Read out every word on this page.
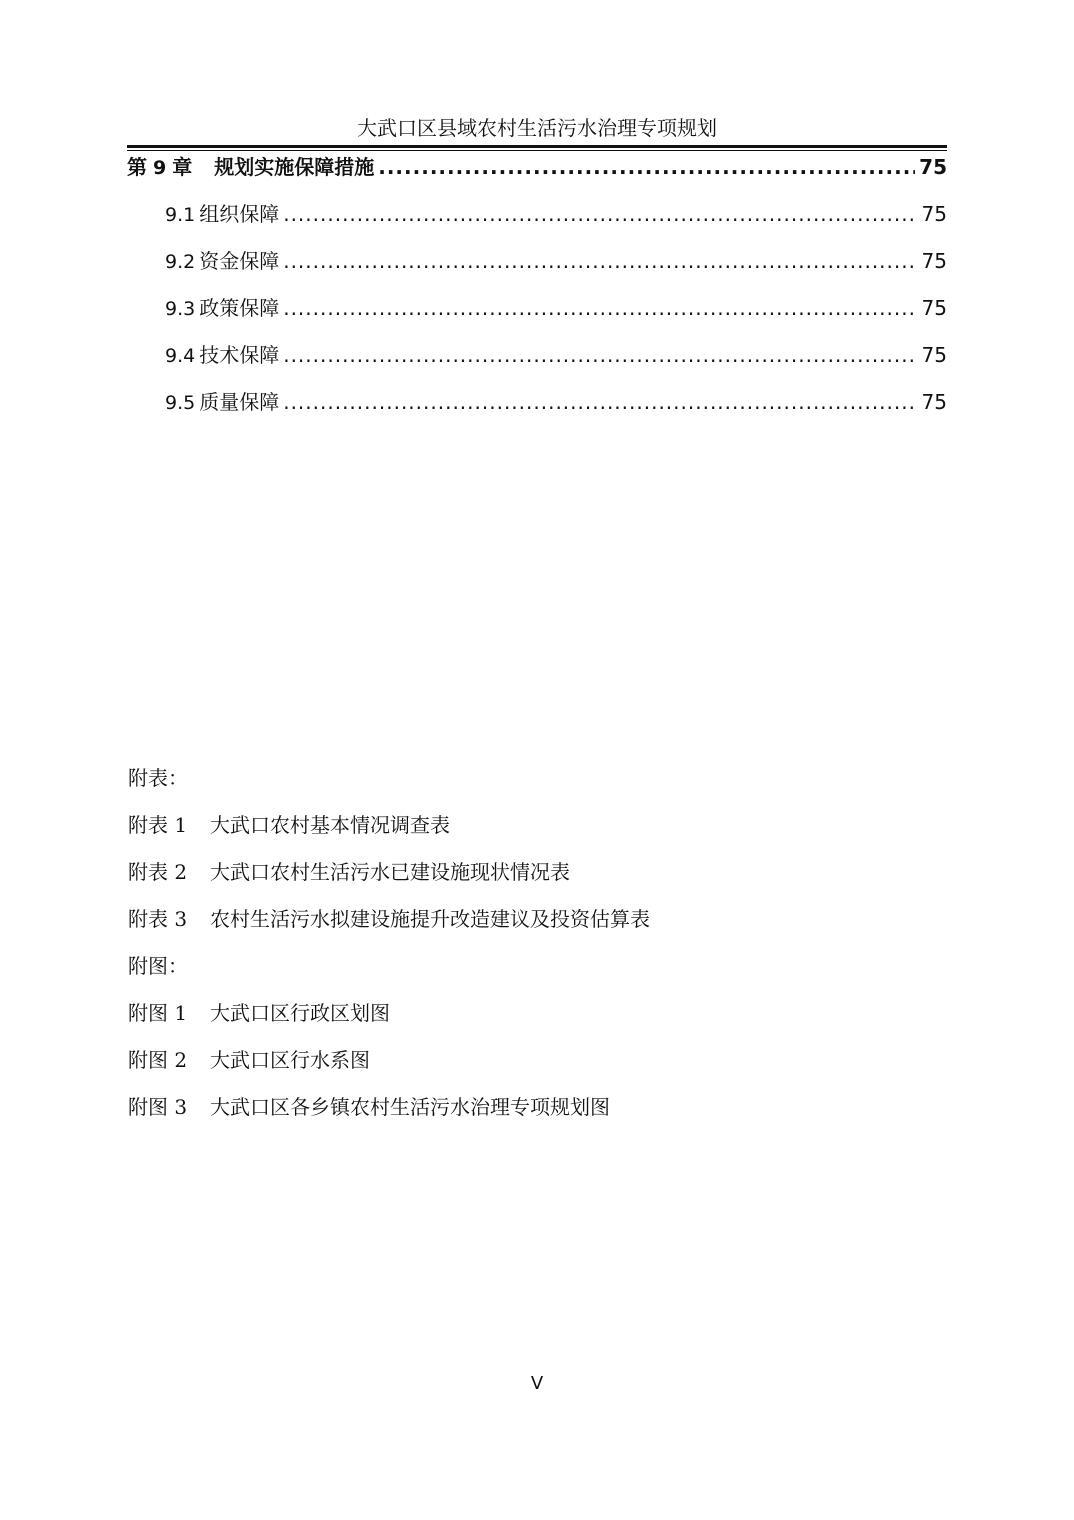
大武口区县域农村生活污水治理专项规划
第 9 章 规划实施保障措施 .....	75
9.1 组织保障 .....	75
9.2 资金保障 .....	75
9.3 政策保障 .....	75
9.4 技术保障 .....	75
9.5 质量保障 .....	75
附表：
附表 1 大武口农村基本情况调查表
附表 2 大武口农村生活污水已建设施现状情况表
附表 3 农村生活污水拟建设施提升改造建议及投资估算表
附图：
附图 1 大武口区行政区划图
附图 2 大武口区行水系图
附图 3 大武口区各乡镇农村生活污水治理专项规划图
V
